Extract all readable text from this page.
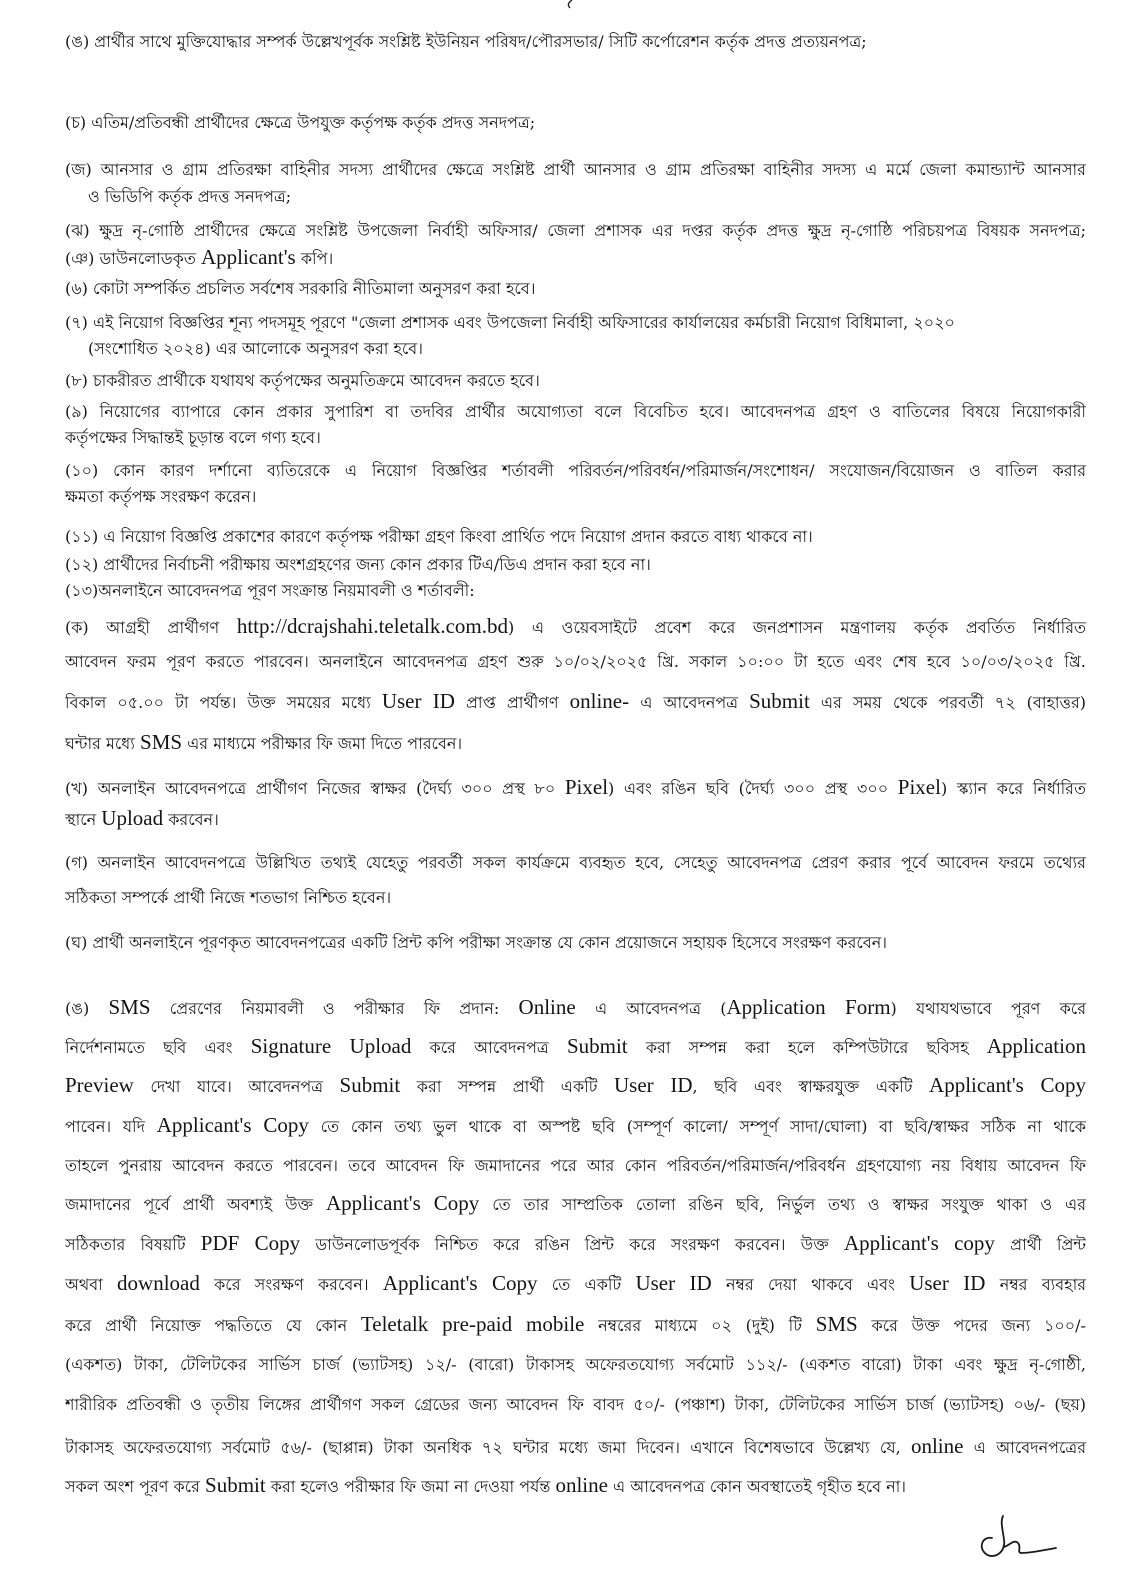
(ঙ) প্রার্থীর সাথে মুক্তিযোদ্ধার সম্পর্ক উল্লেখপূর্বক সংশ্লিষ্ট ইউনিয়ন পরিষদ/পৌরসভার/ সিটি কর্পোরেশন কর্তৃক প্রদত্ত প্রত্যয়নপত্র;
(চ) এতিম/প্রতিবন্ধী প্রার্থীদের ক্ষেত্রে উপযুক্ত কর্তৃপক্ষ কর্তৃক প্রদত্ত সনদপত্র;
(জ) আনসার ও গ্রাম প্রতিরক্ষা বাহিনীর সদস্য প্রার্থীদের ক্ষেত্রে সংশ্লিষ্ট প্রার্থী আনসার ও গ্রাম প্রতিরক্ষা বাহিনীর সদস্য এ মর্মে জেলা কমান্ড্যান্ট আনসার
ও ভিডিপি কর্তৃক প্রদত্ত সনদপত্র;
(ঝ) ক্ষুদ্র নৃ-গোষ্ঠি প্রার্থীদের ক্ষেত্রে সংশ্লিষ্ট উপজেলা নির্বাহী অফিসার/ জেলা প্রশাসক এর দপ্তর কর্তৃক প্রদত্ত ক্ষুদ্র নৃ-গোষ্ঠি পরিচয়পত্র বিষয়ক সনদপত্র;
(ঞ) ডাউনলোডকৃত Applicant's কপি।
(৬) কোটা সম্পর্কিত প্রচলিত সর্বশেষ সরকারি নীতিমালা অনুসরণ করা হবে।
(৭) এই নিয়োগ বিজ্ঞপ্তির শূন্য পদসমূহ পূরণে "জেলা প্রশাসক এবং উপজেলা নির্বাহী অফিসারের কার্যালয়ের কর্মচারী নিয়োগ বিধিমালা, ২০২০
(সংশোধিত ২০২৪) এর আলোকে অনুসরণ করা হবে।
(৮) চাকরীরত প্রার্থীকে যথাযথ কর্তৃপক্ষের অনুমতিক্রমে আবেদন করতে হবে।
(৯) নিয়োগের ব্যাপারে কোন প্রকার সুপারিশ বা তদবির প্রার্থীর অযোগ্যতা বলে বিবেচিত হবে। আবেদনপত্র গ্রহণ ও বাতিলের বিষয়ে নিয়োগকারী
কর্তৃপক্ষের সিদ্ধান্তই চূড়ান্ত বলে গণ্য হবে।
(১০) কোন কারণ দর্শানো ব্যতিরেকে এ নিয়োগ বিজ্ঞপ্তির শর্তাবলী পরিবর্তন/পরিবর্ধন/পরিমার্জন/সংশোধন/ সংযোজন/বিয়োজন ও বাতিল করার
ক্ষমতা কর্তৃপক্ষ সংরক্ষণ করেন।
(১১) এ নিয়োগ বিজ্ঞপ্তি প্রকাশের কারণে কর্তৃপক্ষ পরীক্ষা গ্রহণ কিংবা প্রার্থিত পদে নিয়োগ প্রদান করতে বাধ্য থাকবে না।
(১২) প্রার্থীদের নির্বাচনী পরীক্ষায় অংশগ্রহণের জন্য কোন প্রকার টিএ/ডিএ প্রদান করা হবে না।
(১৩)অনলাইনে আবেদনপত্র পূরণ সংক্রান্ত নিয়মাবলী ও শর্তাবলী:
(ক) আগ্রহী প্রার্থীগণ http://dcrajshahi.teletalk.com.bd) এ ওয়েবসাইটে প্রবেশ করে জনপ্রশাসন মন্ত্রণালয় কর্তৃক প্রবর্তিত নির্ধারিত
আবেদন ফরম পূরণ করতে পারবেন। অনলাইনে আবেদনপত্র গ্রহণ শুরু ১০/০২/২০২৫ খ্রি. সকাল ১০:০০ টা হতে এবং শেষ হবে ১০/০৩/২০২৫ খ্রি.
বিকাল ০৫.০০ টা পর্যন্ত। উক্ত সময়ের মধ্যে User ID প্রাপ্ত প্রার্থীগণ online- এ আবেদনপত্র Submit এর সময় থেকে পরবর্তী ৭২ (বাহাত্তর)
ঘন্টার মধ্যে SMS এর মাধ্যমে পরীক্ষার ফি জমা দিতে পারবেন।
(খ) অনলাইন আবেদনপত্রে প্রার্থীগণ নিজের স্বাক্ষর (দৈর্ঘ্য ৩০০ প্রস্থ ৮০ Pixel) এবং রঙিন ছবি (দৈর্ঘ্য ৩০০ প্রস্থ ৩০০ Pixel) স্ক্যান করে নির্ধারিত
স্থানে Upload করবেন।
(গ) অনলাইন আবেদনপত্রে উল্লিখিত তথ্যই যেহেতু পরবর্তী সকল কার্যক্রমে ব্যবহৃত হবে, সেহেতু আবেদনপত্র প্রেরণ করার পূর্বে আবেদন ফরমে তথ্যের
সঠিকতা সম্পর্কে প্রার্থী নিজে শতভাগ নিশ্চিত হবেন।
(ঘ) প্রার্থী অনলাইনে পূরণকৃত আবেদনপত্রের একটি প্রিন্ট কপি পরীক্ষা সংক্রান্ত যে কোন প্রয়োজনে সহায়ক হিসেবে সংরক্ষণ করবেন।
(ঙ) SMS প্রেরণের নিয়মাবলী ও পরীক্ষার ফি প্রদান: Online এ আবেদনপত্র (Application Form) যথাযথভাবে পূরণ করে
নির্দেশনামতে ছবি এবং Signature Upload করে আবেদনপত্র Submit করা সম্পন্ন করা হলে কম্পিউটারে ছবিসহ Application
Preview দেখা যাবে। আবেদনপত্র Submit করা সম্পন্ন প্রার্থী একটি User ID, ছবি এবং স্বাক্ষরযুক্ত একটি Applicant's Copy
পাবেন। যদি Applicant's Copy তে কোন তথ্য ভুল থাকে বা অস্পষ্ট ছবি (সম্পূর্ণ কালো/ সম্পূর্ণ সাদা/ঘোলা) বা ছবি/স্বাক্ষর সঠিক না থাকে
তাহলে পুনরায় আবেদন করতে পারবেন। তবে আবেদন ফি জমাদানের পরে আর কোন পরিবর্তন/পরিমার্জন/পরিবর্ধন গ্রহণযোগ্য নয় বিধায় আবেদন ফি
জমাদানের পূর্বে প্রার্থী অবশ্যই উক্ত Applicant's Copy তে তার সাম্প্রতিক তোলা রঙিন ছবি, নির্ভুল তথ্য ও স্বাক্ষর সংযুক্ত থাকা ও এর
সঠিকতার বিষয়টি PDF Copy ডাউনলোডপূর্বক নিশ্চিত করে রঙিন প্রিন্ট করে সংরক্ষণ করবেন। উক্ত Applicant's copy প্রার্থী প্রিন্ট
অথবা download করে সংরক্ষণ করবেন। Applicant's Copy তে একটি User ID নম্বর দেয়া থাকবে এবং User ID নম্বর ব্যবহার
করে প্রার্থী নিয়োক্ত পদ্ধতিতে যে কোন Teletalk pre-paid mobile নম্বরের মাধ্যমে ০২ (দুই) টি SMS করে উক্ত পদের জন্য ১০০/-
(একশত) টাকা, টেলিটকের সার্ভিস চার্জ (ভ্যাটসহ) ১২/- (বারো) টাকাসহ অফেরতযোগ্য সর্বমোট ১১২/- (একশত বারো) টাকা এবং ক্ষুদ্র নৃ-গোষ্ঠী,
শারীরিক প্রতিবন্ধী ও তৃতীয় লিঙ্গের প্রার্থীগণ সকল গ্রেডের জন্য আবেদন ফি বাবদ ৫০/- (পঞ্চাশ) টাকা, টেলিটকের সার্ভিস চার্জ (ভ্যাটসহ) ০৬/- (ছয়)
টাকাসহ অফেরতযোগ্য সর্বমোট ৫৬/- (ছাপ্পান্ন) টাকা অনধিক ৭২ ঘন্টার মধ্যে জমা দিবেন। এখানে বিশেষভাবে উল্লেখ্য যে, online এ আবেদনপত্রের
সকল অংশ পূরণ করে Submit করা হলেও পরীক্ষার ফি জমা না দেওয়া পর্যন্ত online এ আবেদনপত্র কোন অবস্থাতেই গৃহীত হবে না।
